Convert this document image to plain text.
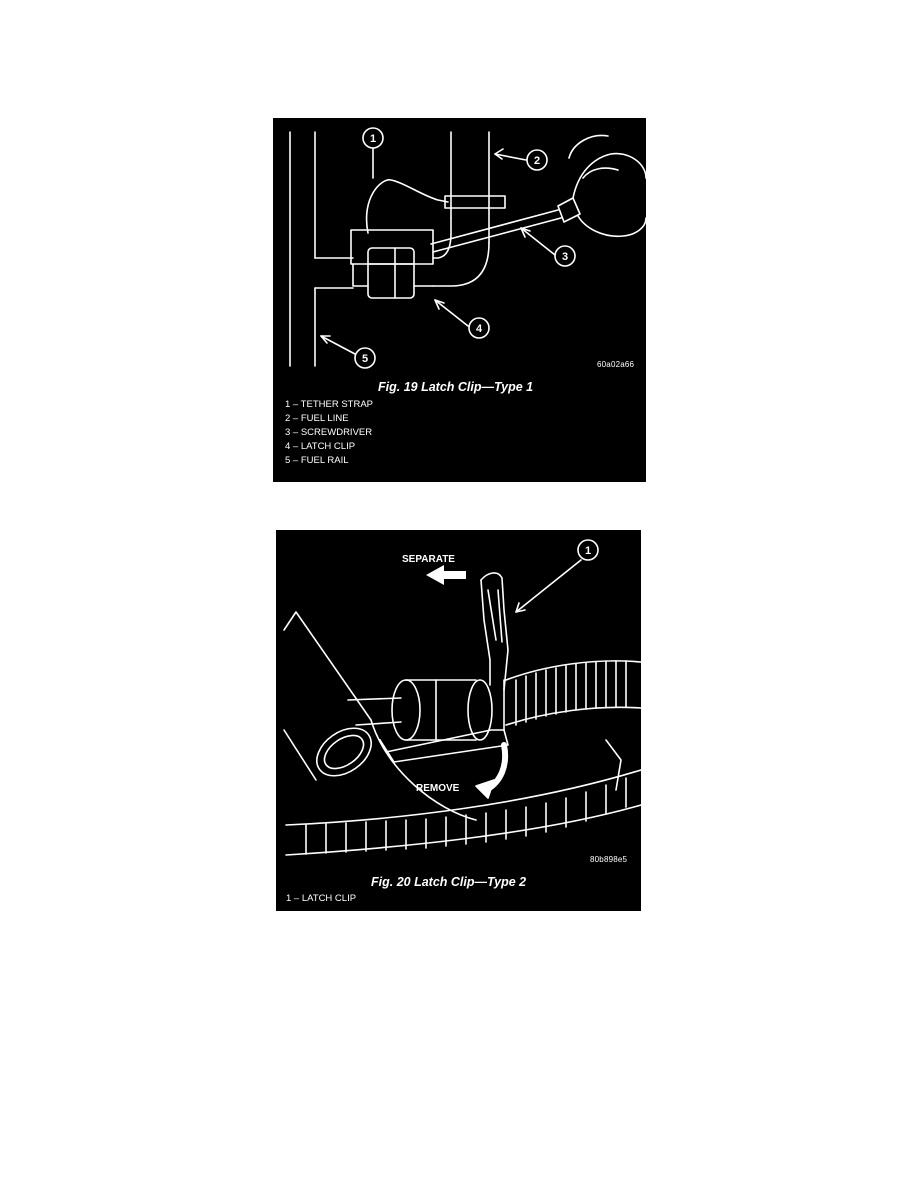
1
2
3
4
5	60a02a66
Fig. 19 Latch Clip—Type 1
1 – TETHER STRAP
2 – FUEL LINE
3 – SCREWDRIVER
4 – LATCH CLIP
5 – FUEL RAIL
1
SEPARATE
REMOVE
80b898e5
Fig. 20 Latch Clip—Type 2
1 – LATCH CLIP
